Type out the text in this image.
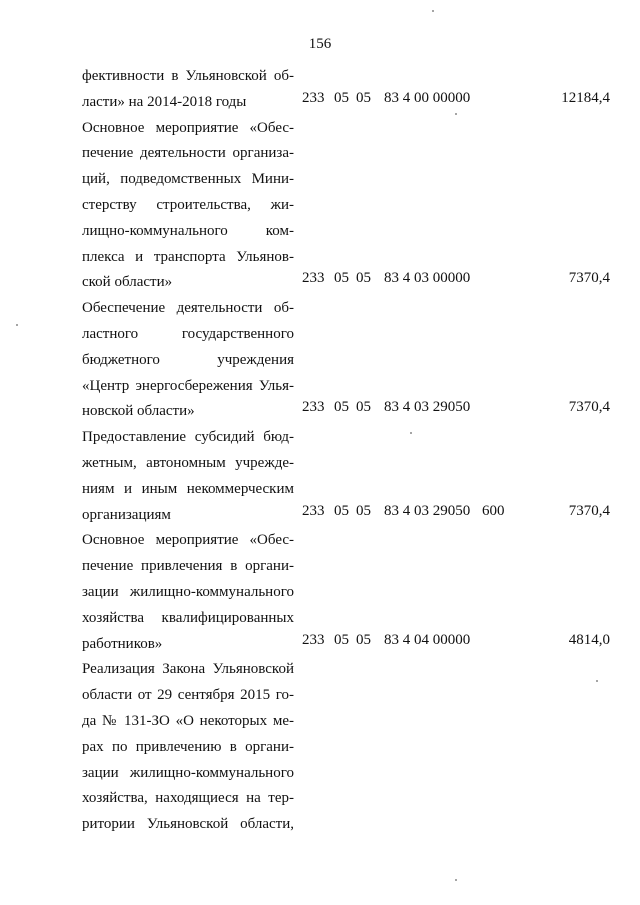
156
фективности в Ульяновской об-
ласти» на 2014-2018 годы	233 05 05 83 4 00 00000	12184,4
Основное мероприятие «Обес-
печение деятельности организа-
ций, подведомственных Мини-
стерству строительства, жи-
лищно-коммунального ком-
плекса и транспорта Ульянов-
ской области»	233 05 05 83 4 03 00000	7370,4
Обеспечение деятельности об-
ластного государственного
бюджетного учреждения
«Центр энергосбережения Улья-
новской области»	233 05 05 83 4 03 29050	7370,4
Предоставление субсидий бюд-
жетным, автономным учрежде-
ниям и иным некоммерческим
организациям	233 05 05 83 4 03 29050 600	7370,4
Основное мероприятие «Обес-
печение привлечения в органи-
зации жилищно-коммунального
хозяйства квалифицированных
работников»	233 05 05 83 4 04 00000	4814,0
Реализация Закона Ульяновской
области от 29 сентября 2015 го-
да № 131-ЗО «О некоторых ме-
рах по привлечению в органи-
зации жилищно-коммунального
хозяйства, находящиеся на тер-
ритории Ульяновской области,
